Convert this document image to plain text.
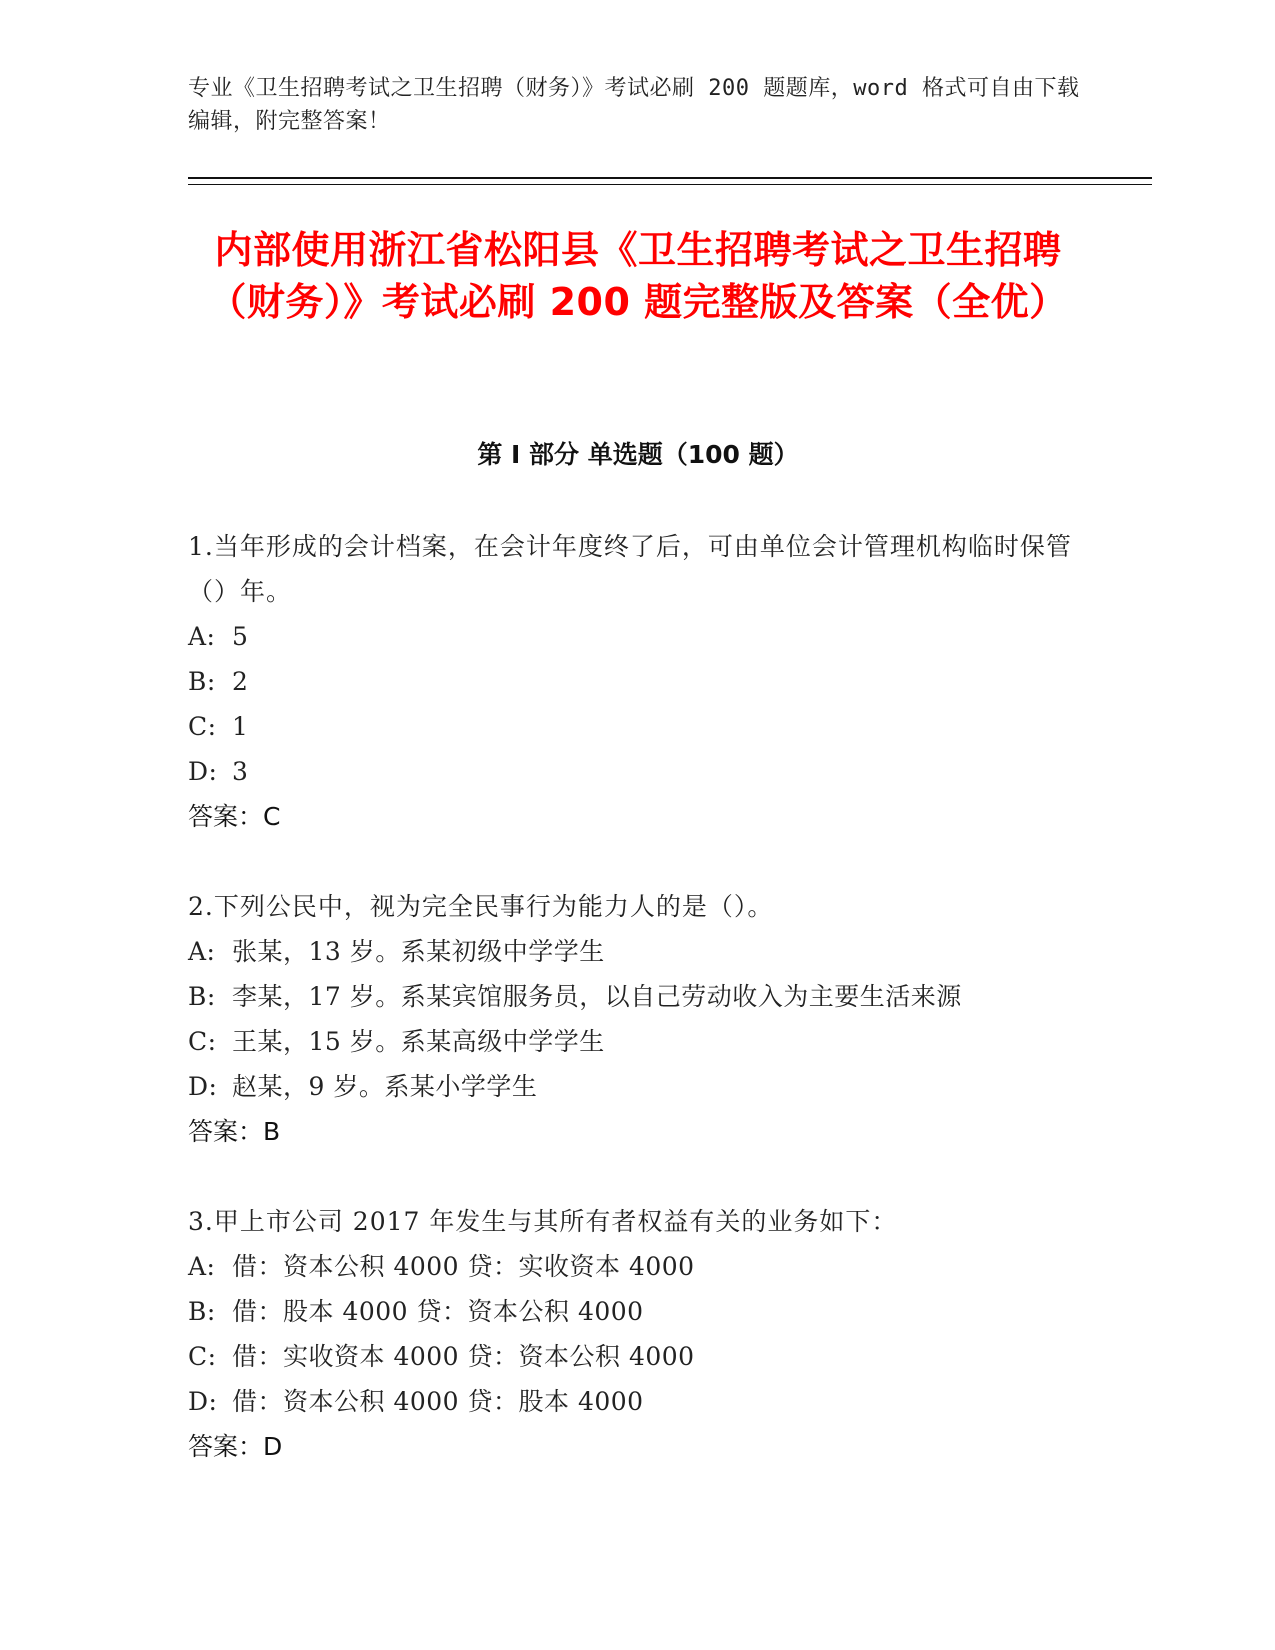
专业《卫生招聘考试之卫生招聘（财务）》考试必刷 200 题题库，word 格式可自由下载编辑，附完整答案！
内部使用浙江省松阳县《卫生招聘考试之卫生招聘（财务）》考试必刷 200 题完整版及答案（全优）
第 I 部分 单选题（100 题）
1.当年形成的会计档案，在会计年度终了后，可由单位会计管理机构临时保管（）年。
A: 5
B: 2
C: 1
D: 3
答案：C
2.下列公民中，视为完全民事行为能力人的是（）。
A: 张某，13 岁。系某初级中学学生
B: 李某，17 岁。系某宾馆服务员，以自己劳动收入为主要生活来源
C: 王某，15 岁。系某高级中学学生
D: 赵某，9 岁。系某小学学生
答案：B
3.甲上市公司 2017 年发生与其所有者权益有关的业务如下：
A: 借：资本公积 4000 贷：实收资本 4000
B: 借：股本 4000 贷：资本公积 4000
C: 借：实收资本 4000 贷：资本公积 4000
D: 借：资本公积 4000 贷：股本 4000
答案：D
